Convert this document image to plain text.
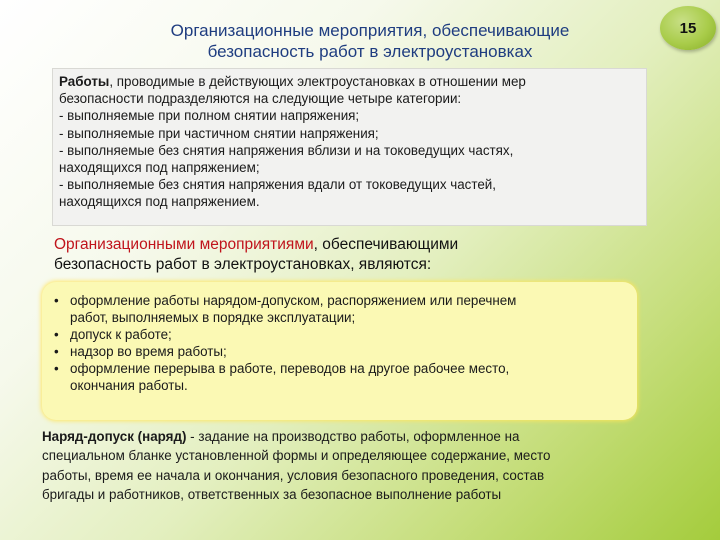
Организационные мероприятия, обеспечивающие
безопасность работ в электроустановках
15
Работы, проводимые в действующих электроустановках в отношении мер
безопасности подразделяются на следующие четыре категории:
- выполняемые при полном снятии напряжения;
- выполняемые при частичном снятии напряжения;
- выполняемые без снятия напряжения вблизи и на токоведущих частях,
находящихся под напряжением;
- выполняемые без снятия напряжения вдали от токоведущих частей,
находящихся под напряжением.
Организационными мероприятиями, обеспечивающими
безопасность работ в электроустановках, являются:
• оформление работы нарядом-допуском, распоряжением или перечнем
работ, выполняемых в порядке эксплуатации;
• допуск к работе;
• надзор во время работы;
• оформление перерыва в работе, переводов на другое рабочее место,
окончания работы.
Наряд-допуск (наряд) - задание на производство работы, оформленное на
специальном бланке установленной формы и определяющее содержание, место
работы, время ее начала и окончания, условия безопасного проведения, состав
бригады и работников, ответственных за безопасное выполнение работы
